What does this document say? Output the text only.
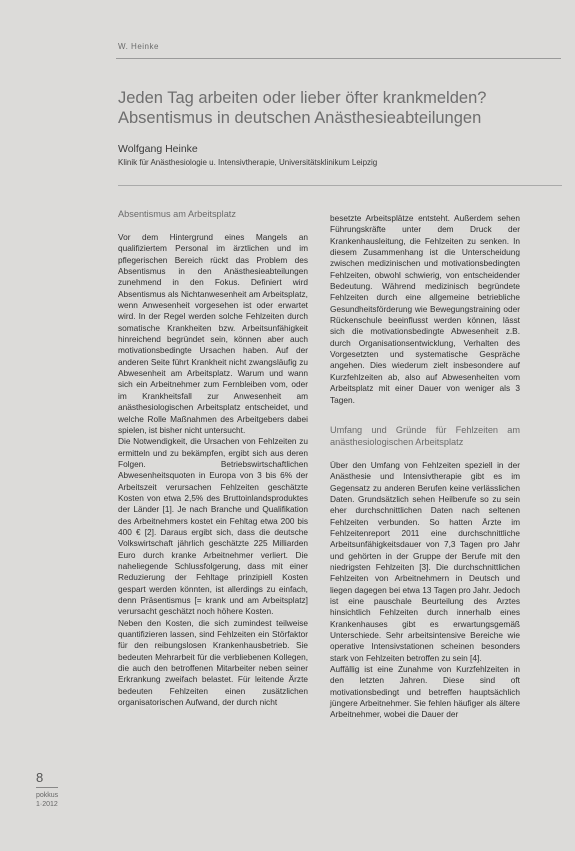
W. Heinke
Jeden Tag arbeiten oder lieber öfter krankmelden? Absentismus in deutschen Anästhesieabteilungen
Wolfgang Heinke
Klinik für Anästhesiologie u. Intensivtherapie, Universitätsklinikum Leipzig
Absentismus am Arbeitsplatz

Vor dem Hintergrund eines Mangels an qualifiziertem Personal im ärztlichen und im pflegerischen Bereich rückt das Problem des Absentismus in den Anästhesieabteilungen zunehmend in den Fokus. Definiert wird Absentismus als Nichtanwesenheit am Arbeitsplatz, wenn Anwesenheit vorgesehen ist oder erwartet wird. In der Regel werden solche Fehlzeiten durch somatische Krankheiten bzw. Arbeitsunfähigkeit hinreichend begründet sein, können aber auch motivationsbedingte Ursachen haben. Auf der anderen Seite führt Krankheit nicht zwangsläufig zu Abwesenheit am Arbeitsplatz. Warum und wann sich ein Arbeitnehmer zum Fernbleiben vom, oder im Krankheitsfall zur Anwesenheit am anästhesiologischen Arbeitsplatz entscheidet, und welche Rolle Maßnahmen des Arbeitgebers dabei spielen, ist bisher nicht untersucht.

Die Notwendigkeit, die Ursachen von Fehlzeiten zu ermitteln und zu bekämpfen, ergibt sich aus deren Folgen. Betriebswirtschaftlichen Abwesenheitsquoten in Europa von 3 bis 6% der Arbeitszeit verursachen Fehlzeiten geschätzte Kosten von etwa 2,5% des Bruttoinlandsproduktes der Länder [1]. Je nach Branche und Qualifikation des Arbeitnehmers kostet ein Fehltag etwa 200 bis 400 € [2]. Daraus ergibt sich, dass die deutsche Volkswirtschaft jährlich geschätzte 225 Milliarden Euro durch kranke Arbeitnehmer verliert. Die naheliegende Schlussfolgerung, dass mit einer Reduzierung der Fehltage prinzipiell Kosten gespart werden könnten, ist allerdings zu einfach, denn Präsentismus [= krank und am Arbeitsplatz] verursacht geschätzt noch höhere Kosten.

Neben den Kosten, die sich zumindest teilweise quantifizieren lassen, sind Fehlzeiten ein Störfaktor für den reibungslosen Krankenhausbetrieb. Sie bedeuten Mehrarbeit für die verbliebenen Kollegen, die auch den betroffenen Mitarbeiter neben seiner Erkrankung zweifach belastet. Für leitende Ärzte bedeuten Fehlzeiten einen zusätzlichen organisatorischen Aufwand, der durch nicht

besetzte Arbeitsplätze entsteht. Außerdem sehen Führungskräfte unter dem Druck der Krankenhausleitung, die Fehlzeiten zu senken. In diesem Zusammenhang ist die Unterscheidung zwischen medizinischen und motivationsbedingten Fehlzeiten, obwohl schwierig, von entscheidender Bedeutung. Während medizinisch begründete Fehlzeiten durch eine allgemeine betriebliche Gesundheitsförderung wie Bewegungstraining oder Rückenschule beeinflusst werden können, lässt sich die motivationsbedingte Abwesenheit z.B. durch Organisationsentwicklung, Verhalten des Vorgesetzten und systematische Gespräche angehen. Dies wiederum zielt insbesondere auf Kurzfehlzeiten ab, also auf Abwesenheiten vom Arbeitsplatz mit einer Dauer von weniger als 3 Tagen.

Umfang und Gründe für Fehlzeiten am anästhesiologischen Arbeitsplatz

Über den Umfang von Fehlzeiten speziell in der Anästhesie und Intensivtherapie gibt es im Gegensatz zu anderen Berufen keine verlässlichen Daten. Grundsätzlich sehen Heilberufe so zu sein eher durchschnittlichen Daten nach seltenen Fehlzeiten verbunden. So hatten Ärzte im Fehlzeitenreport 2011 eine durchschnittliche Arbeitsunfähigkeitsdauer von 7,3 Tagen pro Jahr und gehörten in der Gruppe der Berufe mit den niedrigsten Fehlzeiten [3]. Die durchschnittlichen Fehlzeiten von Arbeitnehmern in Deutsch und liegen dagegen bei etwa 13 Tagen pro Jahr. Jedoch ist eine pauschale Beurteilung des Arztes hinsichtlich Fehlzeiten durch innerhalb eines Krankenhauses gibt es erwartungsgemäß Unterschiede. Sehr arbeitsintensive Bereiche wie operative Intensivstationen scheinen besonders stark von Fehlzeiten betroffen zu sein [4].

Auffällig ist eine Zunahme von Kurzfehlzeiten in den letzten Jahren. Diese sind oft motivationsbedingt und betreffen hauptsächlich jüngere Arbeitnehmer. Sie fehlen häufiger als ältere Arbeitnehmer, wobei die Dauer der

8
pokkus
1·2012
